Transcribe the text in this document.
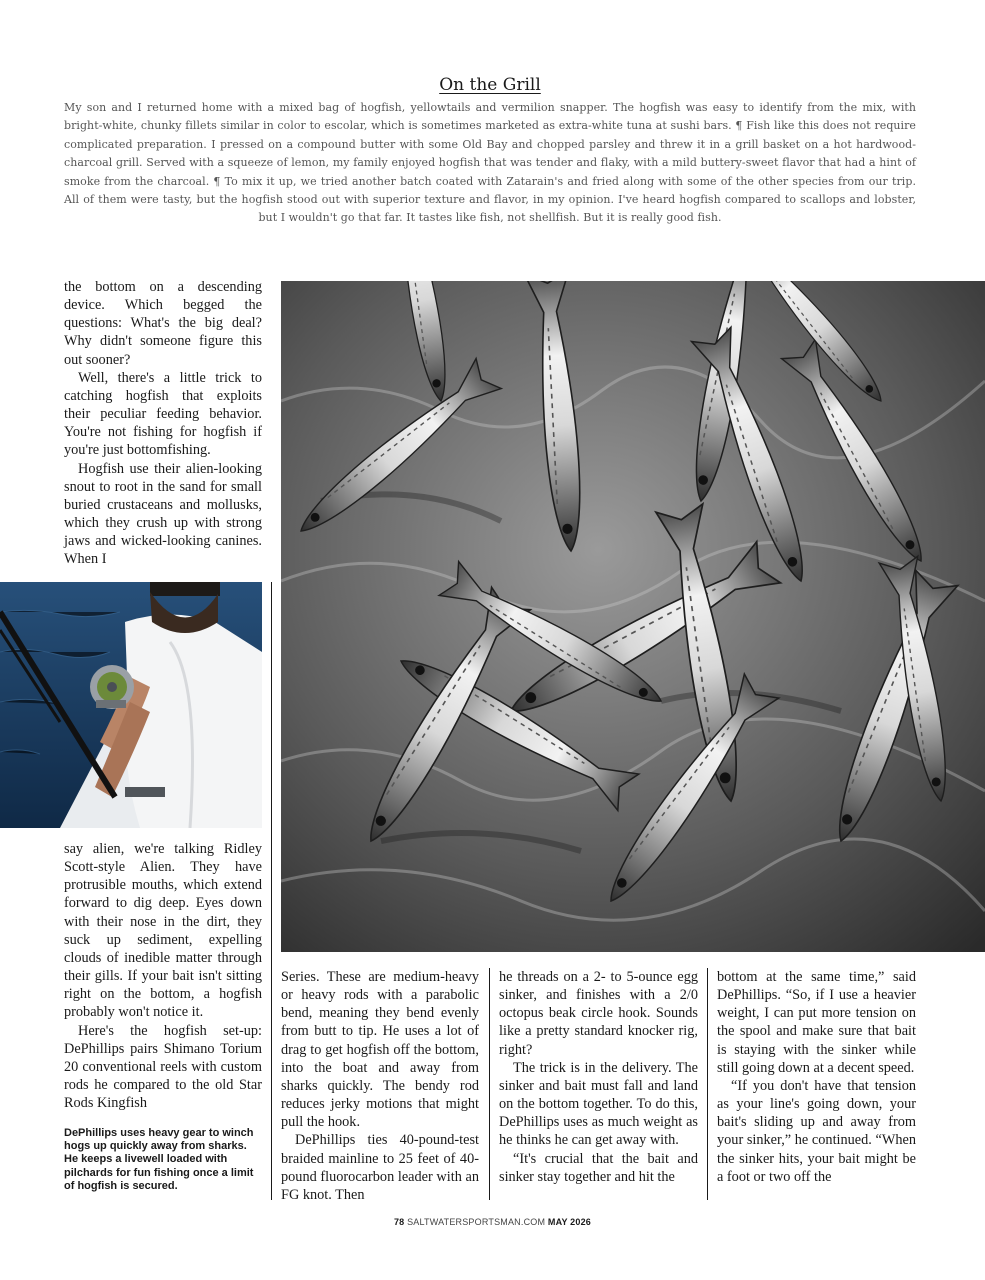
On the Grill

My son and I returned home with a mixed bag of hogfish, yellowtails and vermilion snapper. The hogfish was easy to identify from the mix, with bright-white, chunky fillets similar in color to escolar, which is sometimes marketed as extra-white tuna at sushi bars. ¶ Fish like this does not require complicated preparation. I pressed on a compound butter with some Old Bay and chopped parsley and threw it in a grill basket on a hot hardwood-charcoal grill. Served with a squeeze of lemon, my family enjoyed hogfish that was tender and flaky, with a mild buttery-sweet flavor that had a hint of smoke from the charcoal. ¶ To mix it up, we tried another batch coated with Zatarain's and fried along with some of the other species from our trip. All of them were tasty, but the hogfish stood out with superior texture and flavor, in my opinion. I've heard hogfish compared to scallops and lobster, but I wouldn't go that far. It tastes like fish, not shellfish. But it is really good fish.

the bottom on a descending device. Which begged the questions: What's the big deal? Why didn't someone figure this out sooner?

Well, there's a little trick to catching hogfish that exploits their peculiar feeding behavior. You're not fishing for hogfish if you're just bottomfishing.

Hogfish use their alien-looking snout to root in the sand for small buried crustaceans and mollusks, which they crush up with strong jaws and wicked-looking canines. When I

say alien, we're talking Ridley Scott-style Alien. They have protrusible mouths, which extend forward to dig deep. Eyes down with their nose in the dirt, they suck up sediment, expelling clouds of inedible matter through their gills. If your bait isn't sitting right on the bottom, a hogfish probably won't notice it.

Here's the hogfish set-up: DePhillips pairs Shimano Torium 20 conventional reels with custom rods he compared to the old Star Rods Kingfish

DePhillips uses heavy gear to winch hogs up quickly away from sharks. He keeps a livewell loaded with pilchards for fun fishing once a limit of hogfish is secured.

Series. These are medium-heavy or heavy rods with a parabolic bend, meaning they bend evenly from butt to tip. He uses a lot of drag to get hogfish off the bottom, into the boat and away from sharks quickly. The bendy rod reduces jerky motions that might pull the hook.

DePhillips ties 40-pound-test braided mainline to 25 feet of 40-pound fluorocarbon leader with an FG knot. Then

he threads on a 2- to 5-ounce egg sinker, and finishes with a 2/0 octopus beak circle hook. Sounds like a pretty standard knocker rig, right?

The trick is in the delivery. The sinker and bait must fall and land on the bottom together. To do this, DePhillips uses as much weight as he thinks he can get away with.

“It's crucial that the bait and sinker stay together and hit the

bottom at the same time,” said DePhillips. “So, if I use a heavier weight, I can put more tension on the spool and make sure that bait is staying with the sinker while still going down at a decent speed.

“If you don't have that tension as your line's going down, your bait's sliding up and away from your sinker,” he continued. “When the sinker hits, your bait might be a foot or two off the

78 SALTWATERSPORTSMAN.COM MAY 2026
